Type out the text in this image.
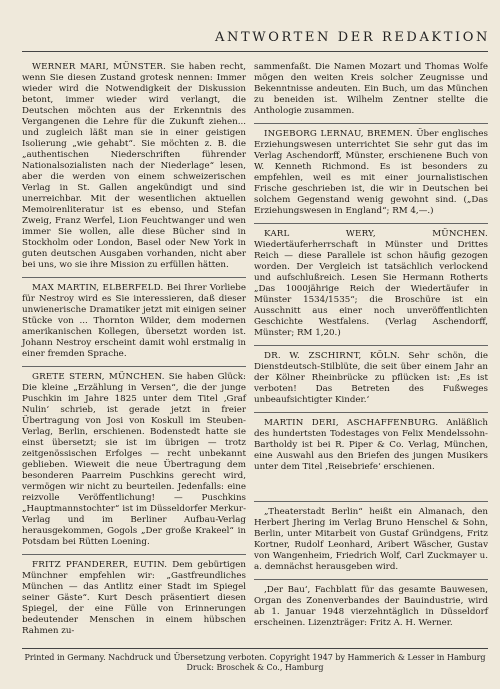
ANTWORTEN DER REDAKTION
WERNER MARI, MÜNSTER. Sie haben recht, wenn Sie diesen Zustand grotesk nennen: Immer wieder wird die Notwendigkeit der Diskussion betont, immer wieder wird verlangt, die Deutschen möchten aus der Erkenntnis des Vergangenen die Lehre für die Zukunft ziehen... und zugleich läßt man sie in einer geistigen Isolierung „wie gehabt“. Sie möchten z. B. die „authentischen Niederschriften führender Nationalsozialisten nach der Niederlage“ lesen, aber die werden von einem schweizerischen Verlag in St. Gallen angekündigt und sind unerreichbar. Mit der wesentlichen aktuellen Memoirenliteratur ist es ebenso, und Stefan Zweig, Franz Werfel, Lion Feuchtwanger und wen immer Sie wollen, alle diese Bücher sind in Stockholm oder London, Basel oder New York in guten deutschen Ausgaben vorhanden, nicht aber bei uns, wo sie ihre Mission zu erfüllen hätten.
MAX MARTIN, ELBERFELD. Bei Ihrer Vorliebe für Nestroy wird es Sie interessieren, daß dieser unwienerische Dramatiker jetzt mit einigen seiner Stücke von ... Thornton Wilder, dem modernen amerikanischen Kollegen, übersetzt worden ist. Johann Nestroy erscheint damit wohl erstmalig in einer fremden Sprache.
GRETE STERN, MÜNCHEN. Sie haben Glück: Die kleine „Erzählung in Versen“, die der junge Puschkin im Jahre 1825 unter dem Titel ‚Graf Nulin‘ schrieb, ist gerade jetzt in freier Übertragung von Josi von Koskull im Steuben-Verlag, Berlin, erschienen. Bodenstedt hatte sie einst übersetzt; sie ist im übrigen — trotz zeitgenössischen Erfolges — recht unbekannt geblieben. Wieweit die neue Übertragung dem besonderen Paarreim Puschkins gerecht wird, vermögen wir nicht zu beurteilen. Jedenfalls: eine reizvolle Veröffentlichung! — Puschkins „Hauptmannstochter“ ist im Düsseldorfer Merkur-Verlag und im Berliner Aufbau-Verlag herausgekommen, Gogols „Der große Krakeel“ in Potsdam bei Rütten Loening.
FRITZ PFANDERER, EUTIN. Dem gebürtigen Münchner empfehlen wir: „Gastfreundliches München — das Antlitz einer Stadt im Spiegel seiner Gäste“. Kurt Desch präsentiert diesen Spiegel, der eine Fülle von Erinnerungen bedeutender Menschen in einem hübschen Rahmen zu-
sammenfaßt. Die Namen Mozart und Thomas Wolfe mögen den weiten Kreis solcher Zeugnisse und Bekenntnisse andeuten. Ein Buch, um das München zu beneiden ist. Wilhelm Zentner stellte die Anthologie zusammen.
INGEBORG LERNAU, BREMEN. Über englisches Erziehungswesen unterrichtet Sie sehr gut das im Verlag Aschendorff, Münster, erschienene Buch von W. Kenneth Richmond. Es ist besonders zu empfehlen, weil es mit einer journalistischen Frische geschrieben ist, die wir in Deutschen bei solchem Gegenstand wenig gewohnt sind. („Das Erziehungswesen in England“; RM 4,—.)
KARL WERY, MÜNCHEN. Wiedertäuferherrschaft in Münster und Drittes Reich — diese Parallele ist schon häufig gezogen worden. Der Vergleich ist tatsächlich verlockend und aufschlußreich. Lesen Sie Hermann Rotherts „Das 1000jährige Reich der Wiedertäufer in Münster 1534/1535“; die Broschüre ist ein Ausschnitt aus einer noch unveröffentlichten Geschichte Westfalens. (Verlag Aschendorff, Münster; RM 1,20.)
DR. W. ZSCHIRNT, KÖLN. Sehr schön, die Dienstdeutsch-Stilblüte, die seit über einem Jahr an der Kölner Rheinbrücke zu pflücken ist: ‚Es ist verboten! Das Betreten des Fußweges unbeaufsichtigter Kinder.‘
MARTIN DERI, ASCHAFFENBURG. Anläßlich des hundertsten Todestages von Felix Mendelssohn-Bartholdy ist bei R. Piper & Co. Verlag, München, eine Auswahl aus den Briefen des jungen Musikers unter dem Titel ‚Reisebriefe‘ erschienen.
„Theaterstadt Berlin“ heißt ein Almanach, den Herbert Jhering im Verlag Bruno Henschel & Sohn, Berlin, unter Mitarbeit von Gustaf Gründgens, Fritz Kortner, Rudolf Leonhard, Aribert Wäscher, Gustav von Wangenheim, Friedrich Wolf, Carl Zuckmayer u. a. demnächst herausgeben wird.
‚Der Bau‘, Fachblatt für das gesamte Bauwesen, Organ des Zonenverbandes der Bauindustrie, wird ab 1. Januar 1948 vierzehntäglich in Düsseldorf erscheinen. Lizenzträger: Fritz A. H. Werner.
Printed in Germany. Nachdruck und Übersetzung verboten. Copyright 1947 by Hammerich & Lesser in Hamburg
Druck: Broschek & Co., Hamburg
